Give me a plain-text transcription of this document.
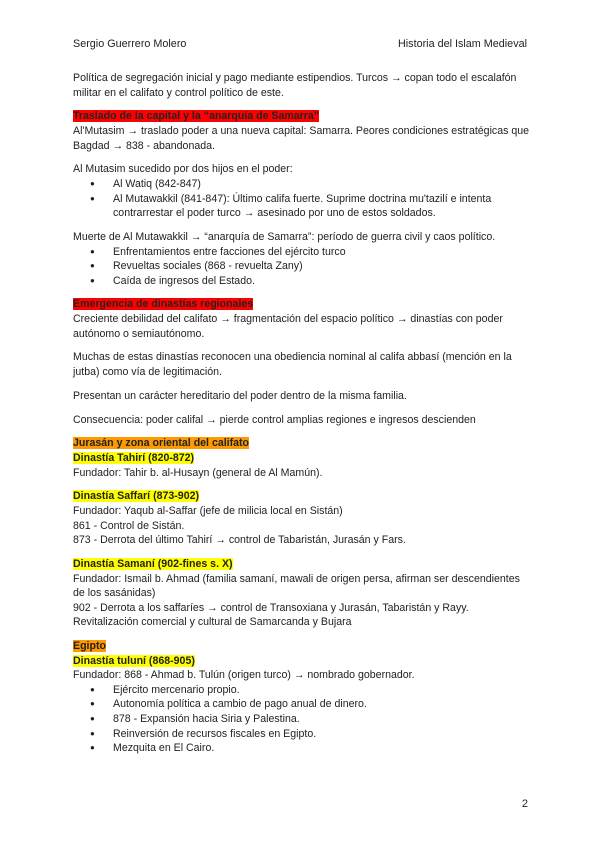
Sergio Guerrero Molero	Historia del Islam Medieval

Política de segregación inicial y pago mediante estipendios. Turcos → copan todo el escalafón militar en el califato y control político de este.

Traslado de la capital y la “anarquía de Samarra”

Al'Mutasim → traslado poder a una nueva capital: Samarra. Peores condiciones estratégicas que Bagdad → 838 - abandonada.

Al Mutasim sucedido por dos hijos en el poder:

● Al Watiq (842-847)
● Al Mutawakkil (841-847): Último califa fuerte. Suprime doctrina mu'tazilí e intenta contrarrestar el poder turco → asesinado por uno de estos soldados.

Muerte de Al Mutawakkil → “anarquía de Samarra”: período de guerra civil y caos político.

● Enfrentamientos entre facciones del ejército turco
● Revueltas sociales (868 - revuelta Zany)
● Caída de ingresos del Estado.

Emergencia de dinastías regionales

Creciente debilidad del califato → fragmentación del espacio político → dinastías con poder autónomo o semiautónomo.

Muchas de estas dinastías reconocen una obediencia nominal al califa abbasí (mención en la jutba) como vía de legitimación.

Presentan un carácter hereditario del poder dentro de la misma familia.

Consecuencia: poder califal → pierde control amplias regiones e ingresos descienden

Jurasán y zona oriental del califato

Dinastía Tahirí (820-872)

Fundador: Tahir b. al-Husayn (general de Al Mamún).

Dinastía Saffarí (873-902)

Fundador: Yaqub al-Saffar (jefe de milicia local en Sistán)

861 - Control de Sistán.

873 - Derrota del último Tahirí → control de Tabaristán, Jurasán y Fars.

Dinastía Samaní (902-fines s. X)

Fundador: Ismail b. Ahmad (familia samaní, mawali de origen persa, afirman ser descendientes de los sasánidas)

902 - Derrota a los saffaríes → control de Transoxiana y Jurasán, Tabaristán y Rayy. Revitalización comercial y cultural de Samarcanda y Bujara

Egipto

Dinastía tuluní (868-905)

Fundador: 868 - Ahmad b. Tulún (origen turco) → nombrado gobernador.

● Ejército mercenario propio.
● Autonomía política a cambio de pago anual de dinero.
● 878 - Expansión hacia Siria y Palestina.
● Reinversión de recursos fiscales en Egipto.
● Mezquita en El Cairo.
2
